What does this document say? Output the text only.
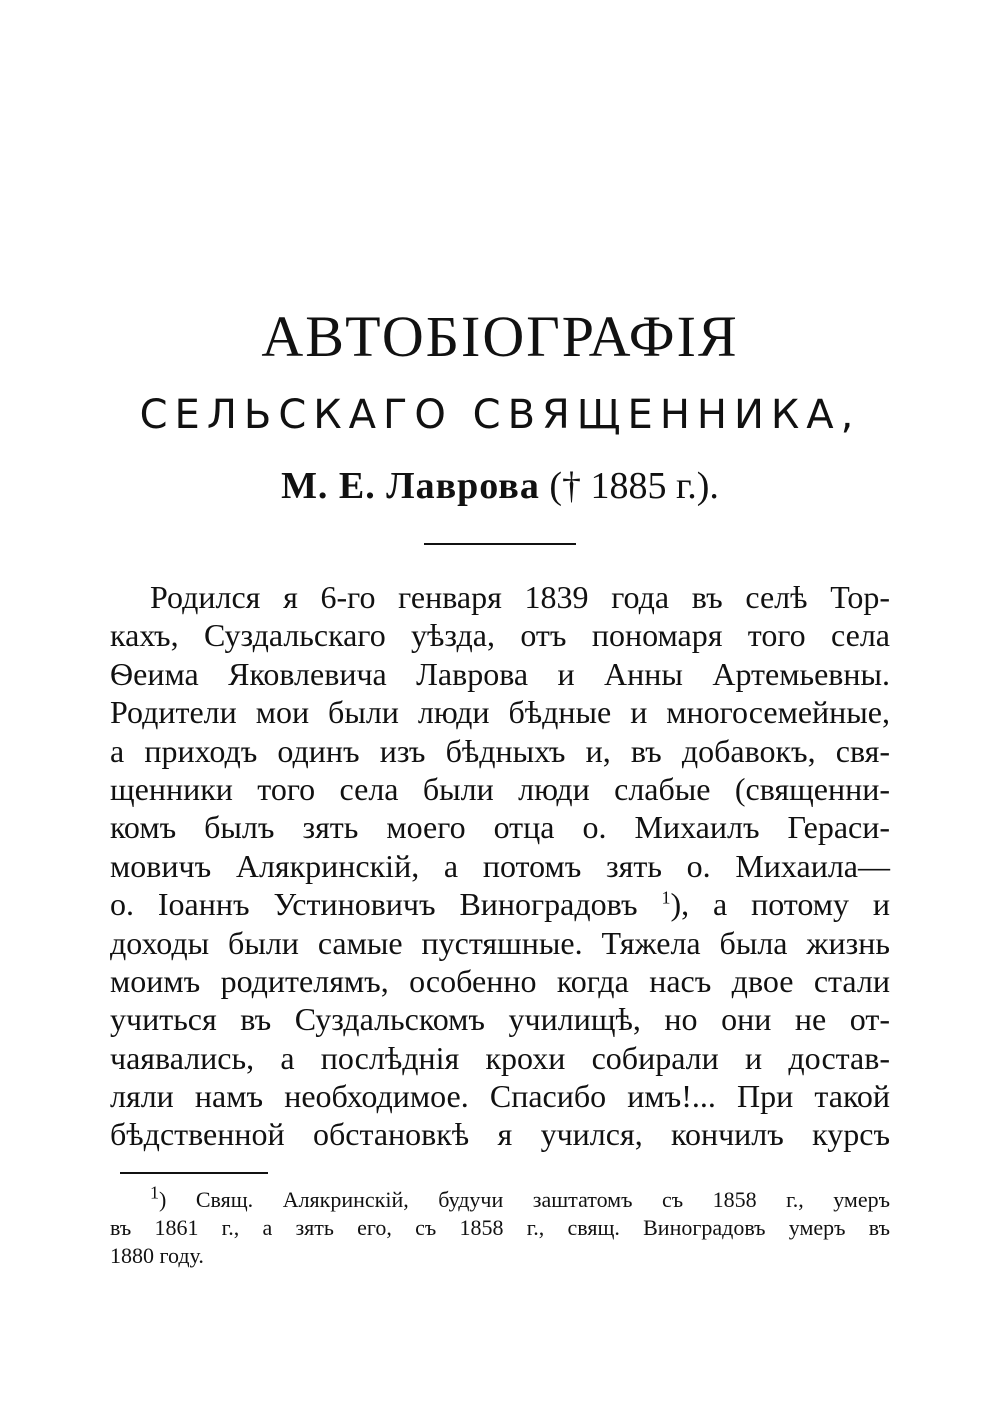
АВТОБІОГРАФІЯ
СЕЛЬСКАГО СВЯЩЕННИКА,
М. Е. Лаврова († 1885 г.).
Родился я 6-го генваря 1839 года въ селѣ Тор-
кахъ, Суздальскаго уѣзда, отъ пономаря того села
Ѳеима Яковлевича Лаврова и Анны Артемьевны.
Родители мои были люди бѣдные и многосемейные,
а приходъ одинъ изъ бѣдныхъ и, въ добавокъ, свя-
щенники того села были люди слабые (священни-
комъ былъ зять моего отца о. Михаилъ Гераси-
мовичъ Алякринскій, а потомъ зять о. Михаила—
о. Іоаннъ Устиновичъ Виноградовъ $^1$), а потому и
доходы были самые пустяшные. Тяжела была жизнь
моимъ родителямъ, особенно когда насъ двое стали
учиться въ Суздальскомъ училищѣ, но они не от-
чаявались, а послѣднія крохи собирали и достав-
ляли намъ необходимое. Спасибо имъ!... При такой
бѣдственной обстановкѣ я учился, кончилъ курсъ
$^1$) Свящ. Алякринскій, будучи заштатомъ съ 1858 г., умеръ
въ 1861 г., а зять его, съ 1858 г., свящ. Виноградовъ умеръ въ
1880 году.
